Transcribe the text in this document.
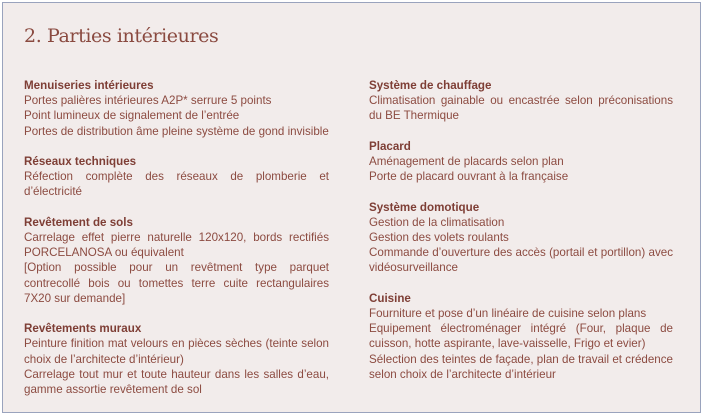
2. Parties intérieures
Menuiseries intérieures
Portes palières intérieures A2P* serrure 5 points
Point lumineux de signalement de l’entrée
Portes de distribution âme pleine système de gond invisible
Réseaux techniques
Réfection complète des réseaux de plomberie et d’électricité
Revêtement de sols
Carrelage effet pierre naturelle 120x120, bords rectifiés PORCELANOSA ou équivalent
[Option possible pour un revêtment type parquet contrecollé bois ou tomettes terre cuite rectangulaires 7X20 sur demande]
Revêtements muraux
Peinture finition mat velours en pièces sèches (teinte selon choix de l’architecte d’intérieur)
Carrelage tout mur et toute hauteur dans les salles d’eau, gamme assortie revêtement de sol
Système de chauffage
Climatisation gainable ou encastrée selon préconisations du BE Thermique
Placard
Aménagement de placards selon plan
Porte de placard ouvrant à la française
Système domotique
Gestion de la climatisation
Gestion des volets roulants
Commande d’ouverture des accès (portail et portillon) avec vidéosurveillance
Cuisine
Fourniture et pose d’un linéaire de cuisine selon plans
Equipement électroménager intégré (Four, plaque de cuisson, hotte aspirante, lave-vaisselle, Frigo et evier)
Sélection des teintes de façade, plan de travail et crédence selon choix de l’architecte d’intérieur
